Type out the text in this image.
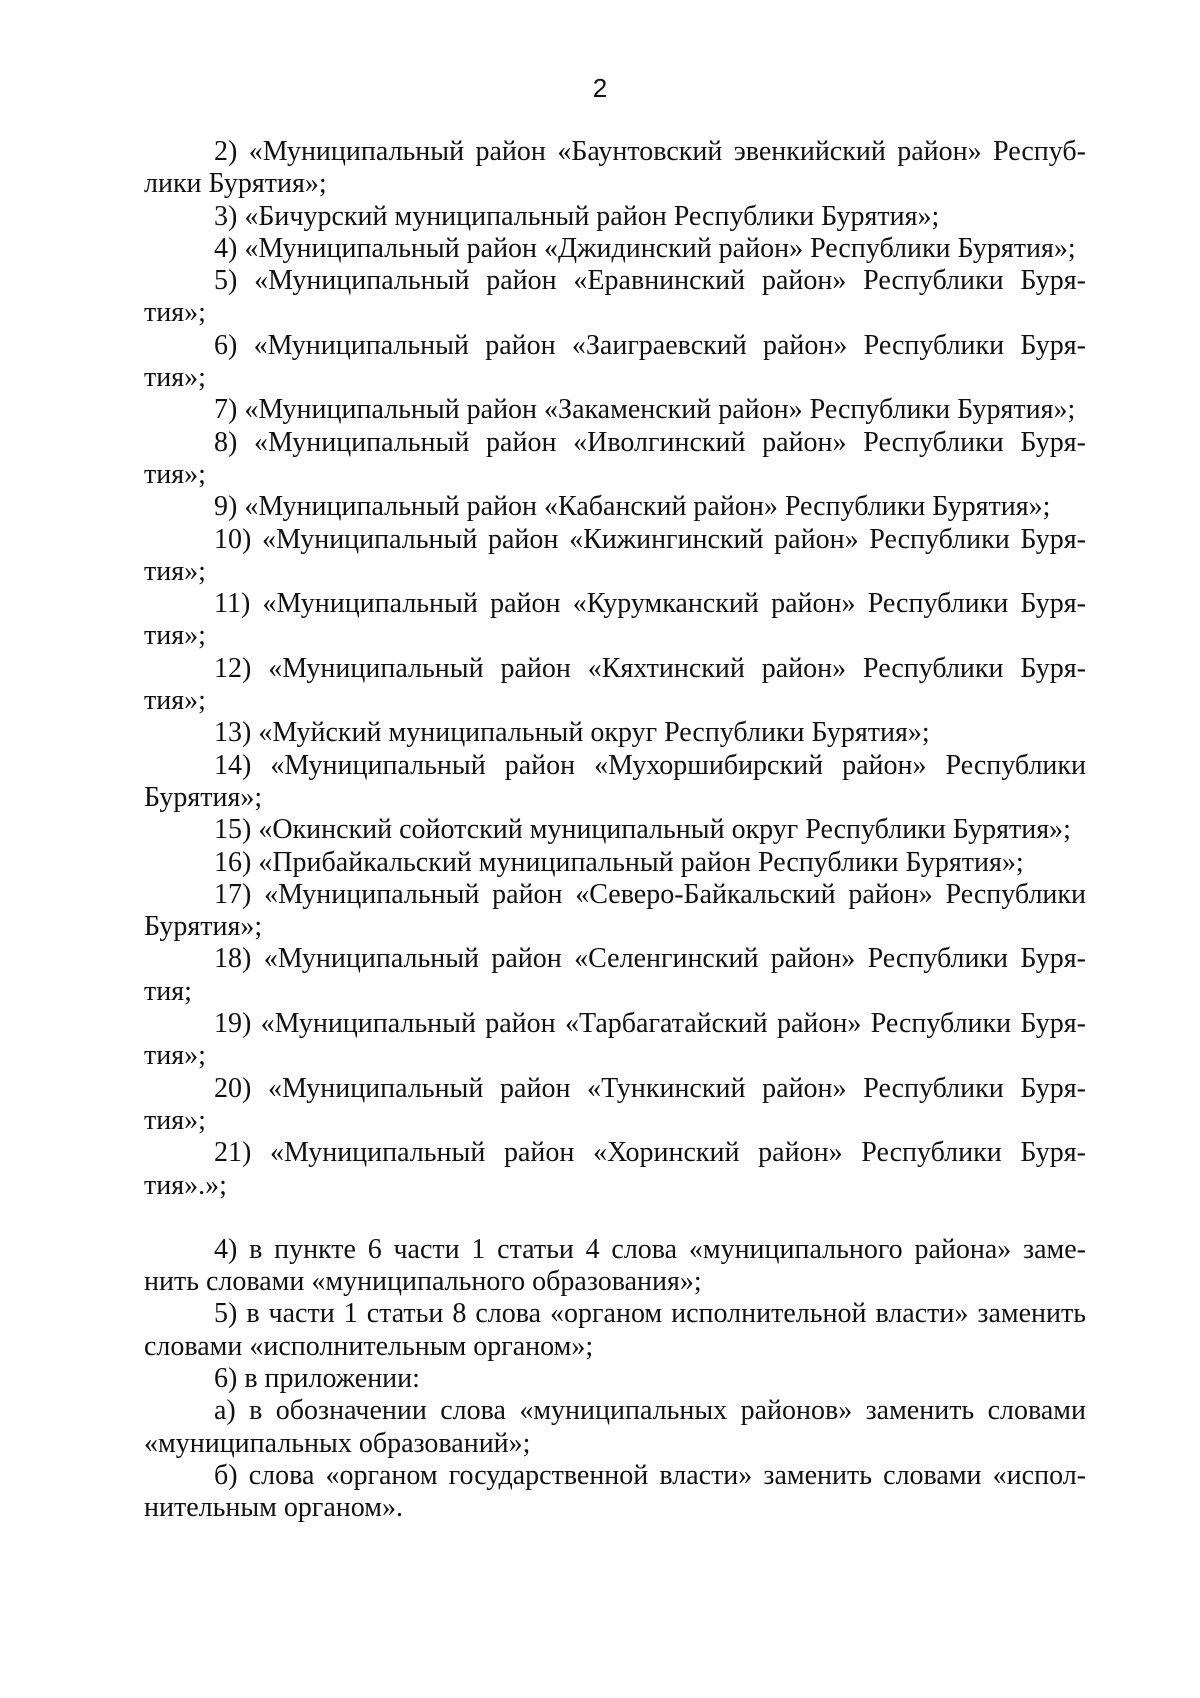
2
2) «Муниципальный район «Баунтовский эвенкийский район» Респуб-
лики Бурятия»;
3) «Бичурский муниципальный район Республики Бурятия»;
4) «Муниципальный район «Джидинский район» Республики Бурятия»;
5) «Муниципальный район «Еравнинский район» Республики Буря-
тия»;
6) «Муниципальный район «Заиграевский район» Республики Буря-
тия»;
7) «Муниципальный район «Закаменский район» Республики Бурятия»;
8) «Муниципальный район «Иволгинский район» Республики Буря-
тия»;
9) «Муниципальный район «Кабанский район» Республики Бурятия»;
10) «Муниципальный район «Кижингинский район» Республики Буря-
тия»;
11) «Муниципальный район «Курумканский район» Республики Буря-
тия»;
12) «Муниципальный район «Кяхтинский район» Республики Буря-
тия»;
13) «Муйский муниципальный округ Республики Бурятия»;
14) «Муниципальный район «Мухоршибирский район» Республики
Бурятия»;
15) «Окинский сойотский муниципальный округ Республики Бурятия»;
16) «Прибайкальский муниципальный район Республики Бурятия»;
17) «Муниципальный район «Северо-Байкальский район» Республики
Бурятия»;
18) «Муниципальный район «Селенгинский район» Республики Буря-
тия;
19) «Муниципальный район «Тарбагатайский район» Республики Буря-
тия»;
20) «Муниципальный район «Тункинский район» Республики Буря-
тия»;
21) «Муниципальный район «Хоринский район» Республики Буря-
тия».»;
4) в пункте 6 части 1 статьи 4 слова «муниципального района» заме-
нить словами «муниципального образования»;
5) в части 1 статьи 8 слова «органом исполнительной власти» заменить
словами «исполнительным органом»;
6) в приложении:
а) в обозначении слова «муниципальных районов» заменить словами
«муниципальных образований»;
б) слова «органом государственной власти» заменить словами «испол-
нительным органом».
